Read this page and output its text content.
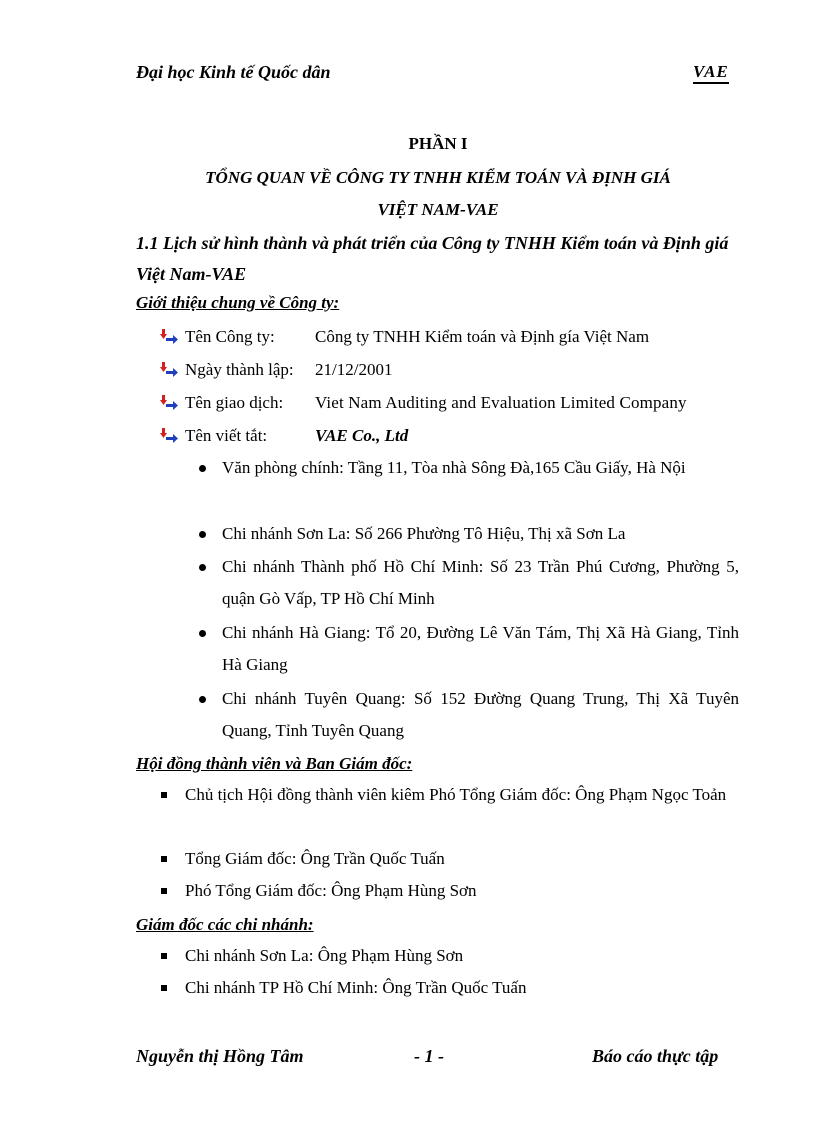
Đại học Kinh tế Quốc dân	VAE
PHẦN I
TỔNG QUAN VỀ CÔNG TY TNHH KIỂM TOÁN VÀ ĐỊNH GIÁ
VIỆT NAM-VAE
1.1 Lịch sử hình thành và phát triển của Công ty TNHH Kiểm toán và Định giá Việt Nam-VAE
Giới thiệu chung về Công ty:
Tên Công ty: Công ty TNHH Kiểm toán và Định gía Việt Nam
Ngày thành lập: 21/12/2001
Tên giao dịch: Viet Nam Auditing and Evaluation Limited Company
Tên viết tắt:	VAE Co., Ltd
Văn phòng chính: Tầng 11, Tòa nhà Sông Đà,165 Cầu Giấy, Hà Nội
Chi nhánh Sơn La: Số 266 Phường Tô Hiệu, Thị xã Sơn La
Chi nhánh Thành phố Hồ Chí Minh: Số 23 Trần Phú Cương, Phường 5, quận Gò Vấp, TP Hồ Chí Minh
Chi nhánh Hà Giang: Tổ 20, Đường Lê Văn Tám, Thị Xã Hà Giang, Tỉnh Hà Giang
Chi nhánh Tuyên Quang: Số 152 Đường Quang Trung, Thị Xã Tuyên Quang, Tỉnh Tuyên Quang
Hội đồng thành viên và Ban Giám đốc:
Chủ tịch Hội đồng thành viên kiêm Phó Tổng Giám đốc: Ông Phạm Ngọc Toản
Tổng Giám đốc: Ông Trần Quốc Tuấn
Phó Tổng Giám đốc: Ông Phạm Hùng Sơn
Giám đốc các chi nhánh:
Chi nhánh Sơn La: Ông Phạm Hùng Sơn
Chi nhánh TP Hồ Chí Minh: Ông Trần Quốc Tuấn
Nguyễn thị Hồng Tâm	- 1 -	Báo cáo thực tập
